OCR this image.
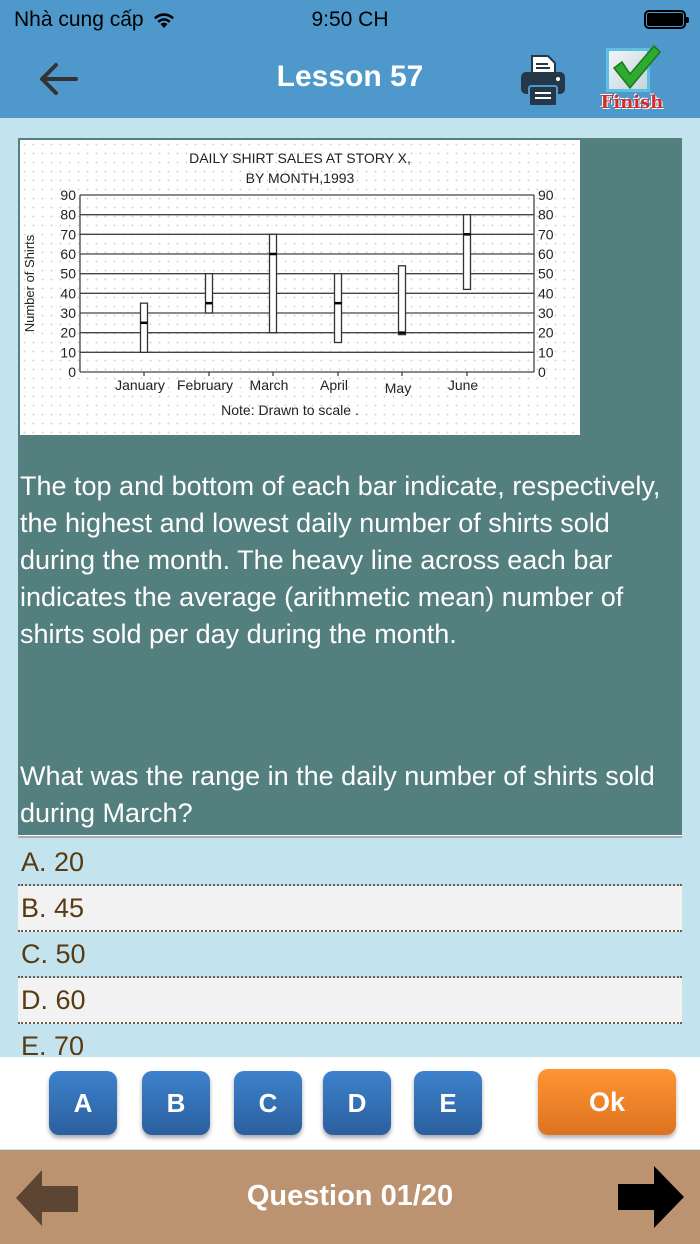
Nhà cung cấp	9:50 CH
Lesson 57
Finish
DAILY SHIRT SALES AT STORY X,
BY MONTH,1993
0	0
10	10
20	20
30	30
40	40
50	50
60	60
70	70
80	80
90	90
Number of Shirts
January February March April	May	June
Note: Drawn to scale .
The top and bottom of each bar indicate, respectively, the highest and lowest daily number of shirts sold during the month. The heavy line across each bar indicates the average (arithmetic mean) number of shirts sold per day during the month.
What was the range in the daily number of shirts sold during March?
A. 20
B. 45
C. 50
D. 60
E. 70
A	B	C	D	E	Ok
Question 01/20
